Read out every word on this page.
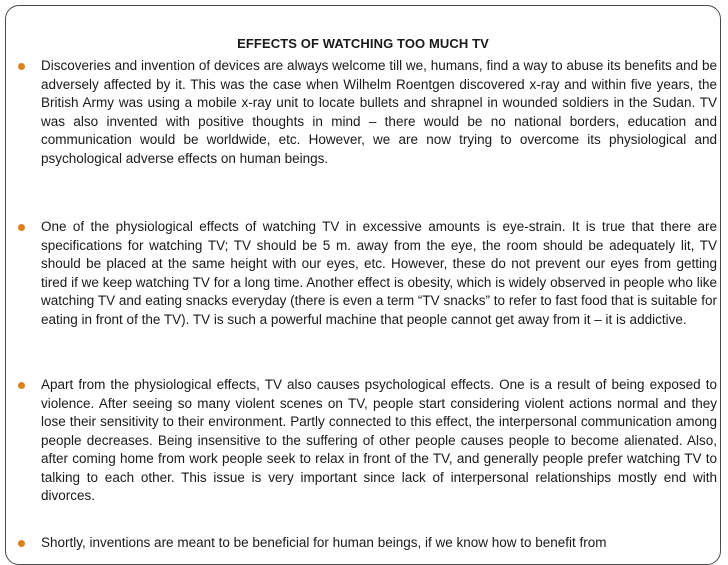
EFFECTS OF WATCHING TOO MUCH TV

Discoveries and invention of devices are always welcome till we, humans, find a way to abuse its benefits and be adversely affected by it. This was the case when Wilhelm Roentgen discovered x-ray and within five years, the British Army was using a mobile x-ray unit to locate bullets and shrapnel in wounded soldiers in the Sudan. TV was also invented with positive thoughts in mind – there would be no national borders, education and communication would be worldwide, etc. However, we are now trying to overcome its physiological and psychological adverse effects on human beings.

One of the physiological effects of watching TV in excessive amounts is eye-strain. It is true that there are specifications for watching TV; TV should be 5 m. away from the eye, the room should be adequately lit, TV should be placed at the same height with our eyes, etc. However, these do not prevent our eyes from getting tired if we keep watching TV for a long time. Another effect is obesity, which is widely observed in people who like watching TV and eating snacks everyday (there is even a term “TV snacks” to refer to fast food that is suitable for eating in front of the TV). TV is such a powerful machine that people cannot get away from it – it is addictive.

Apart from the physiological effects, TV also causes psychological effects. One is a result of being exposed to violence. After seeing so many violent scenes on TV, people start considering violent actions normal and they lose their sensitivity to their environment. Partly connected to this effect, the interpersonal communication among people decreases. Being insensitive to the suffering of other people causes people to become alienated. Also, after coming home from work people seek to relax in front of the TV, and generally people prefer watching TV to talking to each other. This issue is very important since lack of interpersonal relationships mostly end with divorces.

Shortly, inventions are meant to be beneficial for human beings, if we know how to benefit from
